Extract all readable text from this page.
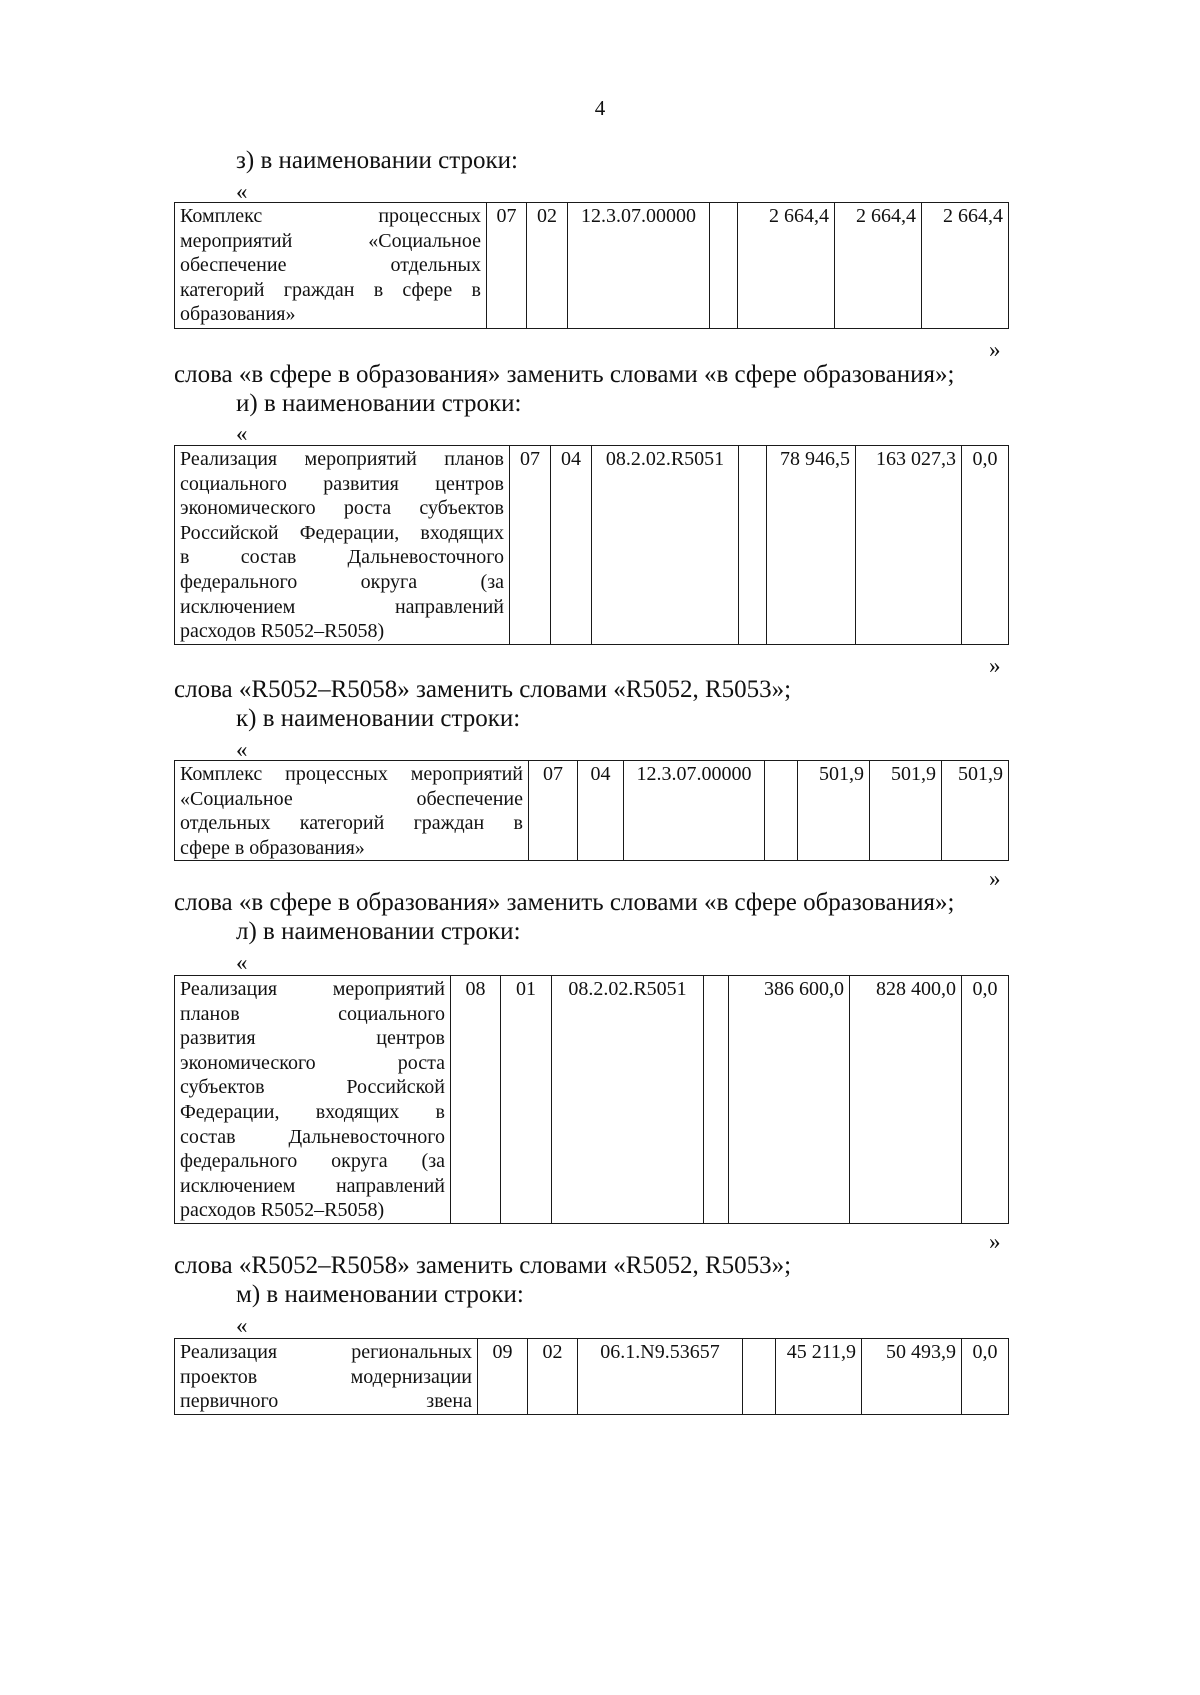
4
з) в наименовании строки:
«
Комплекс процессных
мероприятий «Социальное
обеспечение отдельных
категорий граждан в сфере в
образования»
	07	02	12.3.07.00000		2 664,4	2 664,4	2 664,4
»
слова «в сфере в образования» заменить словами «в сфере образования»;
и) в наименовании строки:
«
Реализация мероприятий планов
социального развития центров
экономического роста субъектов
Российской Федерации, входящих
в состав Дальневосточного
федерального округа (за
исключением направлений
расходов R5052–R5058)
	07	04	08.2.02.R5051		78 946,5	163 027,3	0,0
»
слова «R5052–R5058» заменить словами «R5052, R5053»;
к) в наименовании строки:
«
Комплекс процессных мероприятий
«Социальное обеспечение
отдельных категорий граждан в
сфере в образования»
	07	04	12.3.07.00000		501,9	501,9	501,9
»
слова «в сфере в образования» заменить словами «в сфере образования»;
л) в наименовании строки:
«
Реализация мероприятий
планов социального
развития центров
экономического роста
субъектов Российской
Федерации, входящих в
состав Дальневосточного
федерального округа (за
исключением направлений
расходов R5052–R5058)
	08	01	08.2.02.R5051		386 600,0	828 400,0	0,0
»
слова «R5052–R5058» заменить словами «R5052, R5053»;
м) в наименовании строки:
«
Реализация региональных
проектов модернизации
первичного звена
	09	02	06.1.N9.53657		45 211,9	50 493,9	0,0
